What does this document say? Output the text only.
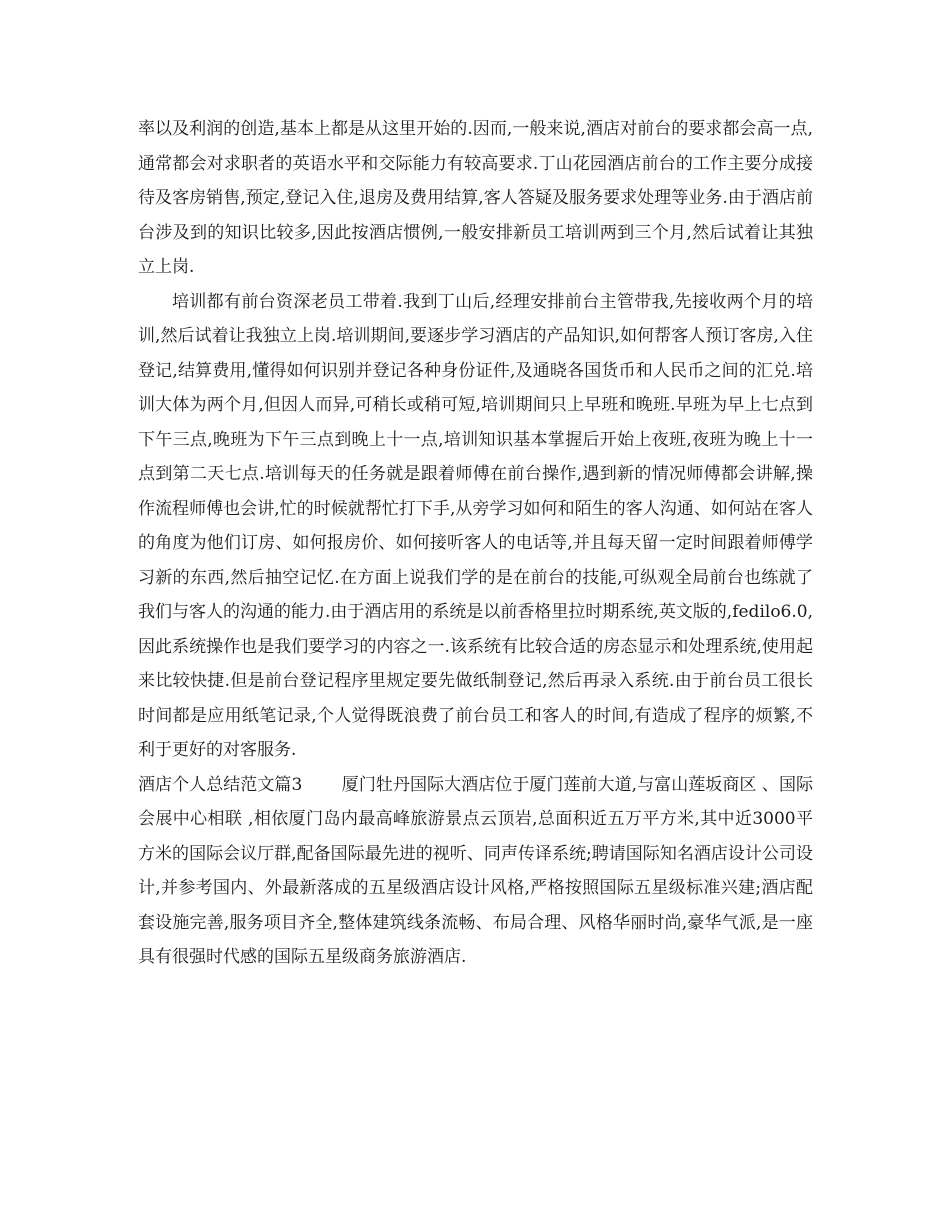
率以及利润的创造,基本上都是从这里开始的.因而,一般来说,酒店对前台的要求都会高一点,通常都会对求职者的英语水平和交际能力有较高要求.丁山花园酒店前台的工作主要分成接待及客房销售,预定,登记入住,退房及费用结算,客人答疑及服务要求处理等业务.由于酒店前台涉及到的知识比较多,因此按酒店惯例,一般安排新员工培训两到三个月,然后试着让其独立上岗.

培训都有前台资深老员工带着.我到丁山后,经理安排前台主管带我,先接收两个月的培训,然后试着让我独立上岗.培训期间,要逐步学习酒店的产品知识,如何帮客人预订客房,入住登记,结算费用,懂得如何识别并登记各种身份证件,及通晓各国货币和人民币之间的汇兑.培训大体为两个月,但因人而异,可稍长或稍可短,培训期间只上早班和晚班.早班为早上七点到下午三点,晚班为下午三点到晚上十一点,培训知识基本掌握后开始上夜班,夜班为晚上十一点到第二天七点.培训每天的任务就是跟着师傅在前台操作,遇到新的情况师傅都会讲解,操作流程师傅也会讲,忙的时候就帮忙打下手,从旁学习如何和陌生的客人沟通、如何站在客人的角度为他们订房、如何报房价、如何接听客人的电话等,并且每天留一定时间跟着师傅学习新的东西,然后抽空记忆.在方面上说我们学的是在前台的技能,可纵观全局前台也练就了我们与客人的沟通的能力.由于酒店用的系统是以前香格里拉时期系统,英文版的,fedilo6.0, 因此系统操作也是我们要学习的内容之一.该系统有比较合适的房态显示和处理系统,使用起来比较快捷.但是前台登记程序里规定要先做纸制登记,然后再录入系统.由于前台员工很长时间都是应用纸笔记录,个人觉得既浪费了前台员工和客人的时间,有造成了程序的烦繁,不利于更好的对客服务.

酒店个人总结范文篇3 　　厦门牡丹国际大酒店位于厦门莲前大道,与富山莲坂商区 、国际会展中心相联 ,相依厦门岛内最高峰旅游景点云顶岩,总面积近五万平方米,其中近3000平方米的国际会议厅群,配备国际最先进的视听、同声传译系统;聘请国际知名酒店设计公司设计,并参考国内、外最新落成的五星级酒店设计风格,严格按照国际五星级标准兴建;酒店配套设施完善,服务项目齐全,整体建筑线条流畅、布局合理、风格华丽时尚,豪华气派,是一座具有很强时代感的国际五星级商务旅游酒店.
